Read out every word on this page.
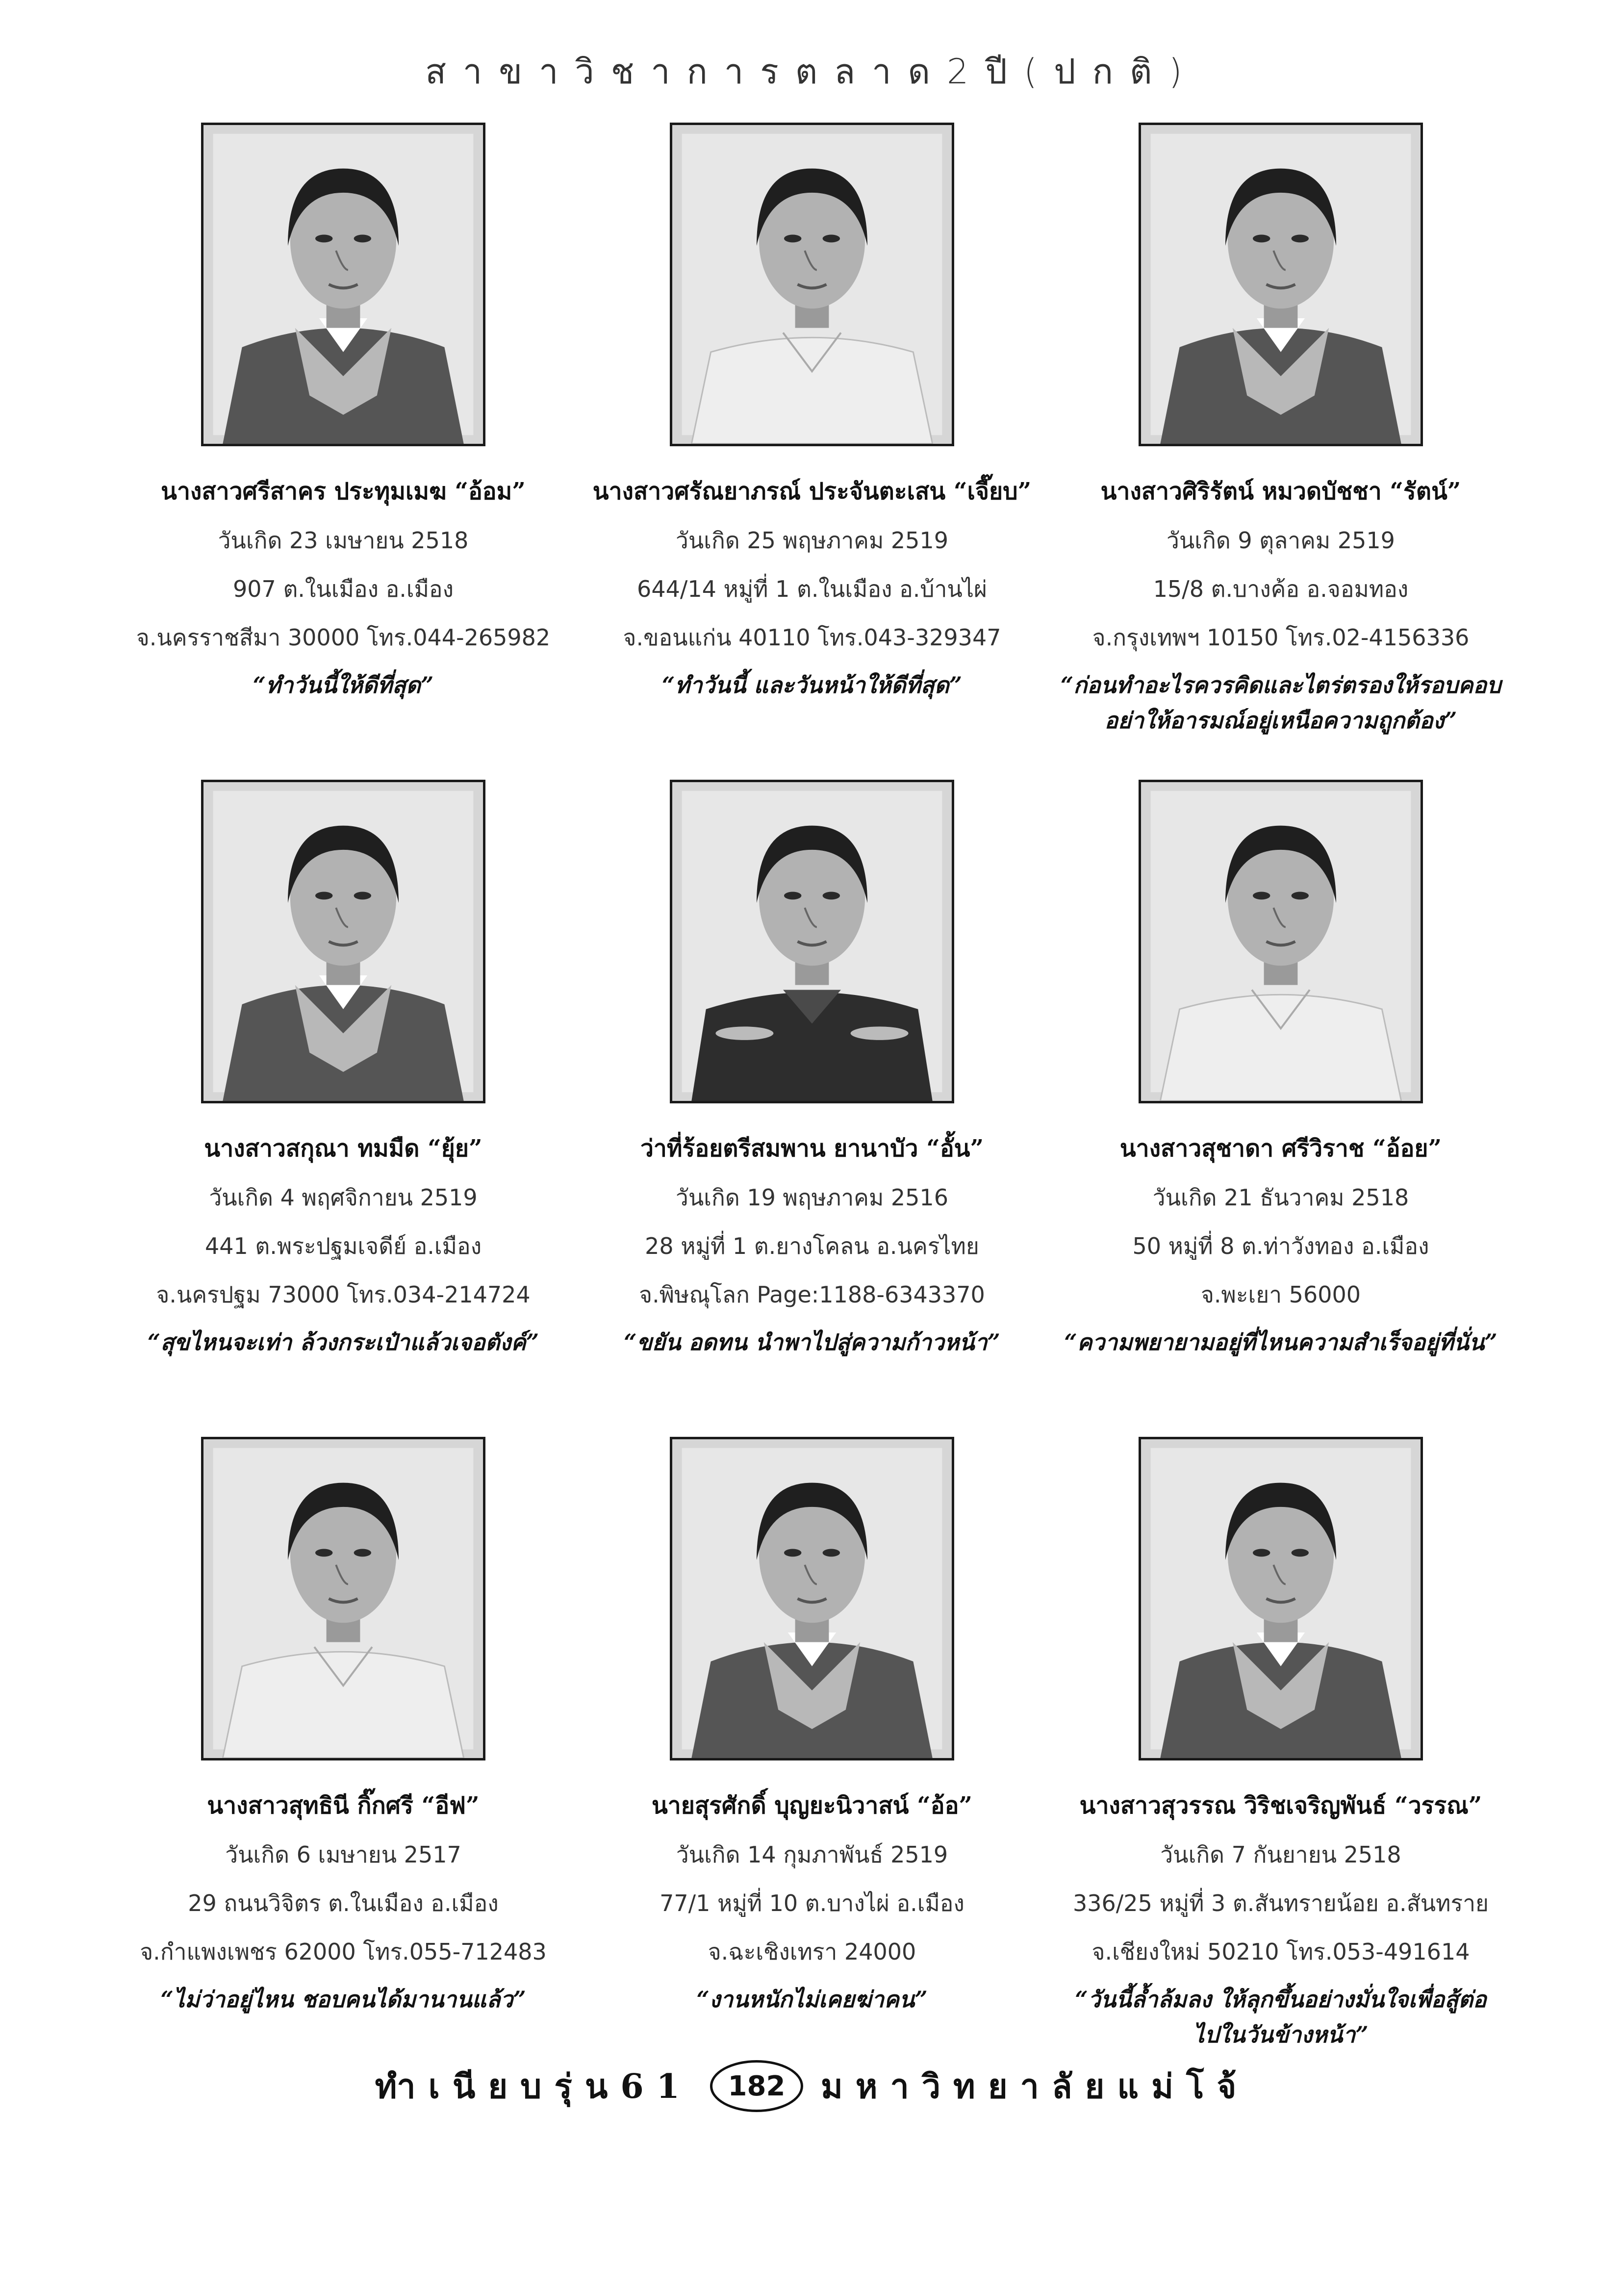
สาขาวิชาการตลาด2ปี(ปกติ)
นางสาวศรีสาคร ประทุมเมฆ “อ้อม”
วันเกิด 23 เมษายน 2518
907 ต.ในเมือง อ.เมือง
จ.นครราชสีมา 30000 โทร.044-265982
“ทำวันนี้ให้ดีที่สุด”
นางสาวศรัณยาภรณ์ ประจันตะเสน “เจี๊ยบ”
วันเกิด 25 พฤษภาคม 2519
644/14 หมู่ที่ 1 ต.ในเมือง อ.บ้านไผ่
จ.ขอนแก่น 40110 โทร.043-329347
“ทำวันนี้ และวันหน้าให้ดีที่สุด”
นางสาวศิริรัตน์ หมวดบัชชา “รัตน์”
วันเกิด 9 ตุลาคม 2519
15/8 ต.บางค้อ อ.จอมทอง
จ.กรุงเทพฯ 10150 โทร.02-4156336
“ก่อนทำอะไรควรคิดและไตร่ตรองให้รอบคอบ
อย่าให้อารมณ์อยู่เหนือความถูกต้อง”
นางสาวสกุณา ทมมืด “ยุ้ย”
วันเกิด 4 พฤศจิกายน 2519
441 ต.พระปฐมเจดีย์ อ.เมือง
จ.นครปฐม 73000 โทร.034-214724
“สุขไหนจะเท่า ล้วงกระเป๋าแล้วเจอตังค์”
ว่าที่ร้อยตรีสมพาน ยานาบัว “อั้น”
วันเกิด 19 พฤษภาคม 2516
28 หมู่ที่ 1 ต.ยางโคลน อ.นครไทย
จ.พิษณุโลก Page:1188-6343370
“ขยัน อดทน นำพาไปสู่ความก้าวหน้า”
นางสาวสุชาดา ศรีวิราช “อ้อย”
วันเกิด 21 ธันวาคม 2518
50 หมู่ที่ 8 ต.ท่าวังทอง อ.เมือง
จ.พะเยา 56000
“ความพยายามอยู่ที่ไหนความสำเร็จอยู่ที่นั่น”
นางสาวสุทธินี กิ๊กศรี “อีฟ”
วันเกิด 6 เมษายน 2517
29 ถนนวิจิตร ต.ในเมือง อ.เมือง
จ.กำแพงเพชร 62000 โทร.055-712483
“ไม่ว่าอยู่ไหน ชอบคนได้มานานแล้ว”
นายสุรศักดิ์ บุญยะนิวาสน์ “อ้อ”
วันเกิด 14 กุมภาพันธ์ 2519
77/1 หมู่ที่ 10 ต.บางไผ่ อ.เมือง
จ.ฉะเชิงเทรา 24000
“งานหนักไม่เคยฆ่าคน”
นางสาวสุวรรณ วิริชเจริญพันธ์ “วรรณ”
วันเกิด 7 กันยายน 2518
336/25 หมู่ที่ 3 ต.สันทรายน้อย อ.สันทราย
จ.เชียงใหม่ 50210 โทร.053-491614
“วันนี้ล้ำล้มลง ให้ลุกขึ้นอย่างมั่นใจเพื่อสู้ต่อ
ไปในวันข้างหน้า”
ทำเนียบรุ่น61	182	มหาวิทยาลัยแม่โจ้
